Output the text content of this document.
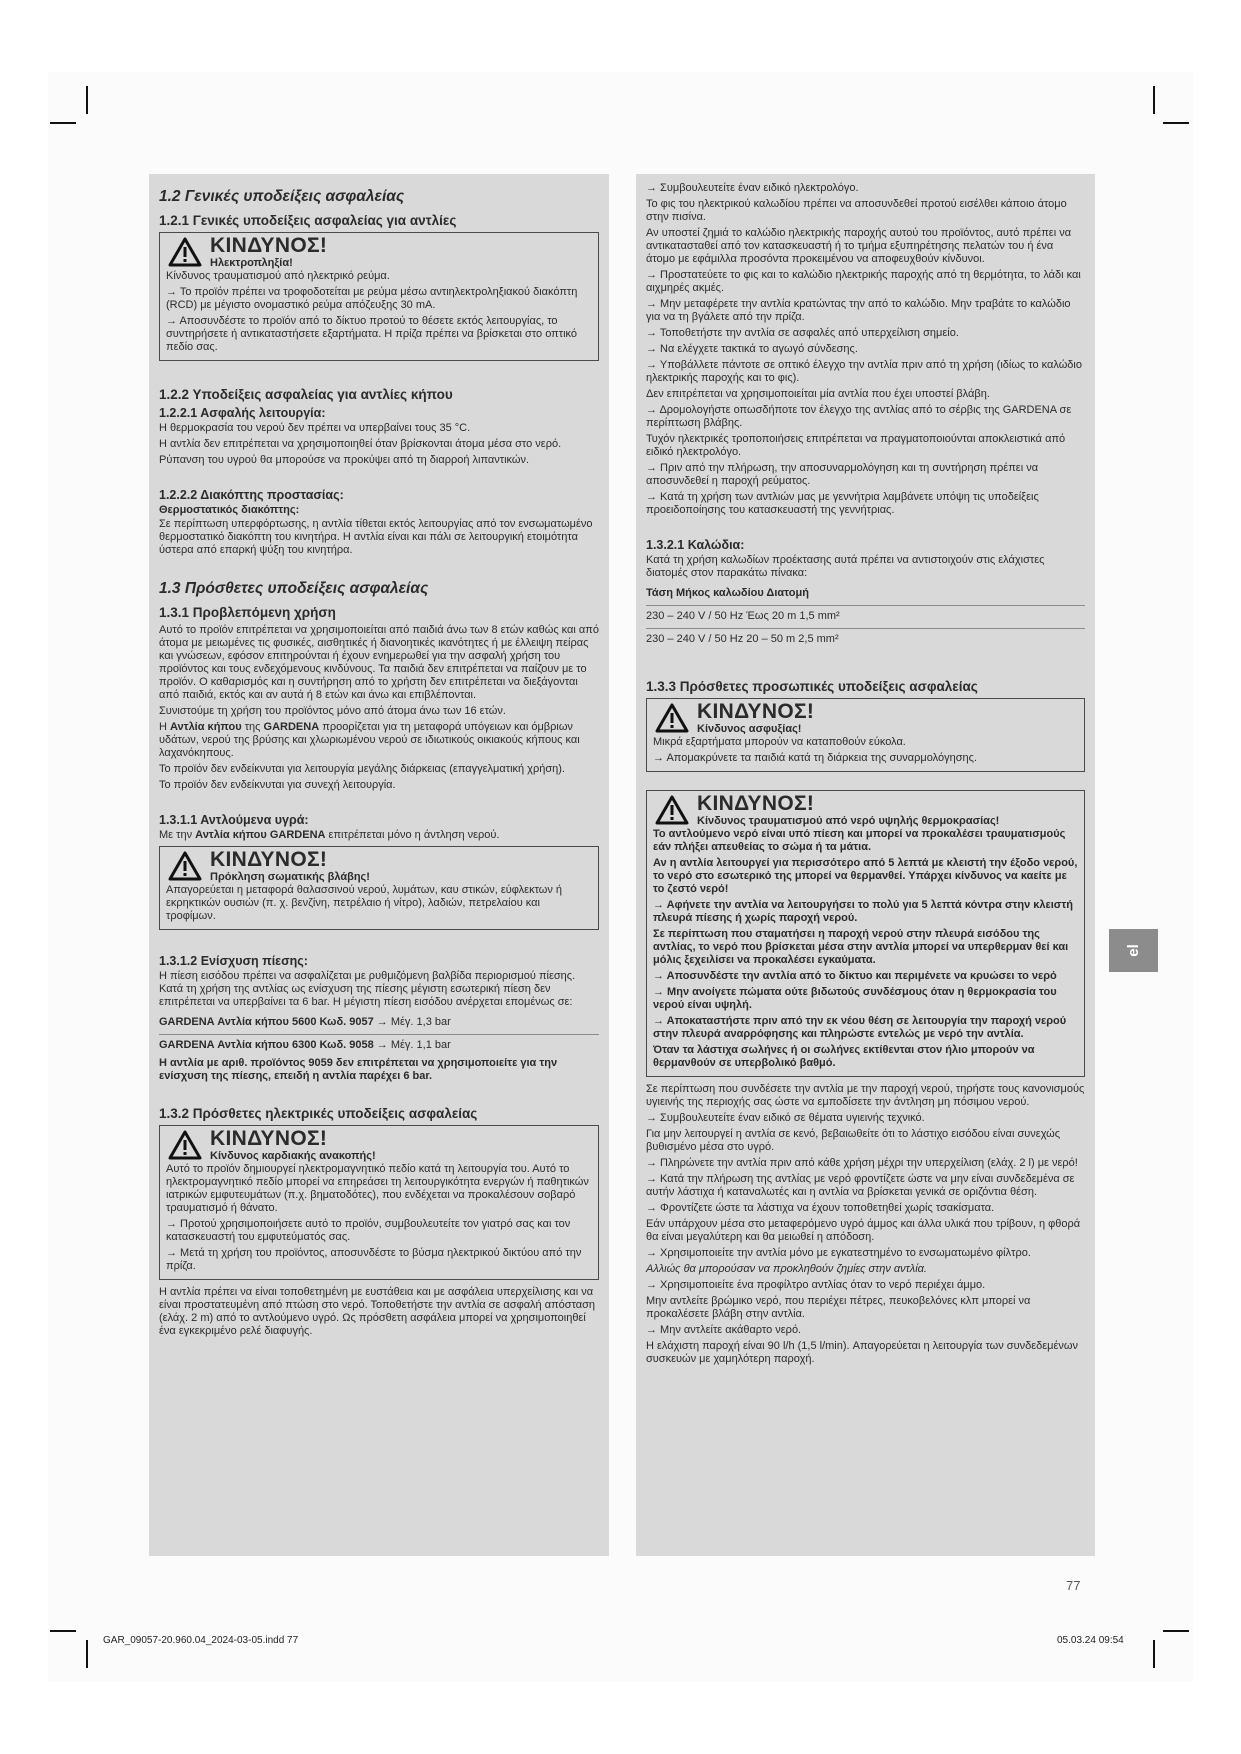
1.2 Γενικές υποδείξεις ασφαλείας
1.2.1 Γενικές υποδείξεις ασφαλείας για αντλίες
ΚΙΝΔΥΝΟΣ!
Ηλεκτροπληξία!

Κίνδυνος τραυματισμού από ηλεκτρικό ρεύμα.

→ Το προϊόν πρέπει να τροφοδοτείται με ρεύμα μέσω αντιηλεκτροληξιακού διακόπτη (RCD) με μέγιστο ονομαστικό ρεύμα απόζευξης 30 mA.

→ Αποσυνδέστε το προϊόν από το δίκτυο προτού το θέσετε εκτός λειτουργίας, το συντηρήσετε ή αντικαταστήσετε εξαρτήματα. Η πρίζα πρέπει να βρίσκεται στο οπτικό πεδίο σας.

1.2.2 Υποδείξεις ασφαλείας για αντλίες κήπου
1.2.2.1 Ασφαλής λειτουργία:

Η θερμοκρασία του νερού δεν πρέπει να υπερβαίνει τους 35 °C.

Η αντλία δεν επιτρέπεται να χρησιμοποιηθεί όταν βρίσκονται άτομα μέσα στο νερό.

Ρύπανση του υγρού θα μπορούσε να προκύψει από τη διαρροή λιπαντικών.

1.2.2.2 Διακόπτης προστασίας:
Θερμοστατικός διακόπτης:

Σε περίπτωση υπερφόρτωσης, η αντλία τίθεται εκτός λειτουργίας από τον ενσωματωμένο θερμοστατικό διακόπτη του κινητήρα. Η αντλία είναι και πάλι σε λειτουργική ετοιμότητα ύστερα από επαρκή ψύξη του κινητήρα.

1.3 Πρόσθετες υποδείξεις ασφαλείας
1.3.1 Προβλεπόμενη χρήση

Αυτό το προϊόν επιτρέπεται να χρησιμοποιείται από παιδιά άνω των 8 ετών καθώς και από άτομα με μειωμένες τις φυσικές, αισθητικές ή διανοητικές ικανότητες ή με έλλειψη πείρας και γνώσεων, εφόσον επιτηρούνται ή έχουν ενημερωθεί για την ασφαλή χρήση του προϊόντος και τους ενδεχόμενους κινδύνους. Τα παιδιά δεν επιτρέπεται να παίζουν με το προϊόν. Ο καθαρισμός και η συντήρηση από το χρήστη δεν επιτρέπεται να διεξάγονται από παιδιά, εκτός και αν αυτά ή 8 ετών και άνω και επιβλέπονται.

Συνιστούμε τη χρήση του προϊόντος μόνο από άτομα άνω των 16 ετών.

Η Αντλία κήπου της GARDENA προορίζεται για τη μεταφορά υπόγειων και όμβριων υδάτων, νερού της βρύσης και χλωριωμένου νερού σε ιδιωτικούς οικιακούς κήπους και λαχανόκηπους.

Το προϊόν δεν ενδείκνυται για λειτουργία μεγάλης διάρκειας (επαγγελματική χρήση).

Το προϊόν δεν ενδείκνυται για συνεχή λειτουργία.

1.3.1.1 Αντλούμενα υγρά:

Με την Αντλία κήπου GARDENA επιτρέπεται μόνο η άντληση νερού.

ΚΙΝΔΥΝΟΣ!
Πρόκληση σωματικής βλάβης!

Απαγορεύεται η μεταφορά θαλασσινού νερού, λυμάτων, καυ στικών, εύφλεκτων ή εκρηκτικών ουσιών (π. χ. βενζίνη, πετρέλαιο ή νίτρο), λαδιών, πετρελαίου και τροφίμων.

1.3.1.2 Ενίσχυση πίεσης:

Η πίεση εισόδου πρέπει να ασφαλίζεται με ρυθμιζόμενη βαλβίδα περιορισμού πίεσης. Κατά τη χρήση της αντλίας ως ενίσχυση της πίεσης μέγιστη εσωτερική πίεση δεν επιτρέπεται να υπερβαίνει τα 6 bar. Η μέγιστη πίεση εισόδου ανέρχεται επομένως σε:

GARDENA Αντλία κήπου 5600 Κωδ. 9057 → Μέγ. 1,3 bar
GARDENA Αντλία κήπου 6300 Κωδ. 9058 → Μέγ. 1,1 bar

Η αντλία με αριθ. προϊόντος 9059 δεν επιτρέπεται να χρησιμοποιείτε για την ενίσχυση της πίεσης, επειδή η αντλία παρέχει 6 bar.

1.3.2 Πρόσθετες ηλεκτρικές υποδείξεις ασφαλείας
ΚΙΝΔΥΝΟΣ!
Κίνδυνος καρδιακής ανακοπής!

Αυτό το προϊόν δημιουργεί ηλεκτρομαγνητικό πεδίο κατά τη λειτουργία του. Αυτό το ηλεκτρομαγνητικό πεδίο μπορεί να επηρεάσει τη λειτουργικότητα ενεργών ή παθητικών ιατρικών εμφυτευμάτων (π.χ. βηματοδότες), που ενδέχεται να προκαλέσουν σοβαρό τραυματισμό ή θάνατο.

→ Προτού χρησιμοποιήσετε αυτό το προϊόν, συμβουλευτείτε τον γιατρό σας και τον κατασκευαστή του εμφυτεύματός σας.

→ Μετά τη χρήση του προϊόντος, αποσυνδέστε το βύσμα ηλεκτρικού δικτύου από την πρίζα.

Η αντλία πρέπει να είναι τοποθετημένη με ευστάθεια και με ασφάλεια υπερχείλισης και να είναι προστατευμένη από πτώση στο νερό. Τοποθετήστε την αντλία σε ασφαλή απόσταση (ελάχ. 2 m) από το αντλούμενο υγρό. Ως πρόσθετη ασφάλεια μπορεί να χρησιμοποιηθεί ένα εγκεκριμένο ρελέ διαφυγής.

→ Συμβουλευτείτε έναν ειδικό ηλεκτρολόγο.

Το φις του ηλεκτρικού καλωδίου πρέπει να αποσυνδεθεί προτού εισέλθει κάποιο άτομο στην πισίνα.

Αν υποστεί ζημιά το καλώδιο ηλεκτρικής παροχής αυτού του προϊόντος, αυτό πρέπει να αντικατασταθεί από τον κατασκευαστή ή το τμήμα εξυπηρέτησης πελατών του ή ένα άτομο με εφάμιλλα προσόντα προκειμένου να αποφευχθούν κίνδυνοι.

→ Προστατεύετε το φις και το καλώδιο ηλεκτρικής παροχής από τη θερμότητα, το λάδι και αιχμηρές ακμές.

→ Μην μεταφέρετε την αντλία κρατώντας την από το καλώδιο. Μην τραβάτε το καλώδιο για να τη βγάλετε από την πρίζα.

→ Τοποθετήστε την αντλία σε ασφαλές από υπερχείλιση σημείο.

→ Να ελέγχετε τακτικά το αγωγό σύνδεσης.

→ Υποβάλλετε πάντοτε σε οπτικό έλεγχο την αντλία πριν από τη χρήση (ιδίως το καλώδιο ηλεκτρικής παροχής και το φις).

Δεν επιτρέπεται να χρησιμοποιείται μία αντλία που έχει υποστεί βλάβη.

→ Δρομολογήστε οπωσδήποτε τον έλεγχο της αντλίας από το σέρβις της GARDENA σε περίπτωση βλάβης.

Τυχόν ηλεκτρικές τροποποιήσεις επιτρέπεται να πραγματοποιούνται αποκλειστικά από ειδικό ηλεκτρολόγο.

→ Πριν από την πλήρωση, την αποσυναρμολόγηση και τη συντήρηση πρέπει να αποσυνδεθεί η παροχή ρεύματος.

→ Κατά τη χρήση των αντλιών μας με γεννήτρια λαμβάνετε υπόψη τις υποδείξεις προειδοποίησης του κατασκευαστή της γεννήτριας.

1.3.2.1 Καλώδια:

Κατά τη χρήση καλωδίων προέκτασης αυτά πρέπει να αντιστοιχούν στις ελάχιστες διατομές στον παρακάτω πίνακα:

Τάση Μήκος καλωδίου Διατομή
230 – 240 V / 50 Hz Έως 20 m 1,5 mm²
230 – 240 V / 50 Hz 20 – 50 m 2,5 mm²
1.3.3 Πρόσθετες προσωπικές υποδείξεις ασφαλείας
ΚΙΝΔΥΝΟΣ!
Κίνδυνος ασφυξίας!

Μικρά εξαρτήματα μπορούν να καταποθούν εύκολα.

→ Απομακρύνετε τα παιδιά κατά τη διάρκεια της συναρμολόγησης.

ΚΙΝΔΥΝΟΣ!
Κίνδυνος τραυματισμού από νερό υψηλής θερμοκρασίας!

Το αντλούμενο νερό είναι υπό πίεση και μπορεί να προκαλέσει τραυματισμούς εάν πλήξει απευθείας το σώμα ή τα μάτια.

Αν η αντλία λειτουργεί για περισσότερο από 5 λεπτά με κλειστή την έξοδο νερού, το νερό στο εσωτερικό της μπορεί να θερμανθεί. Υπάρχει κίνδυνος να καείτε με το ζεστό νερό!

→ Αφήνετε την αντλία να λειτουργήσει το πολύ για 5 λεπτά κόντρα στην κλειστή πλευρά πίεσης ή χωρίς παροχή νερού.

Σε περίπτωση που σταματήσει η παροχή νερού στην πλευρά εισόδου της αντλίας, το νερό που βρίσκεται μέσα στην αντλία μπορεί να υπερθερμαν θεί και μόλις ξεχειλίσει να προκαλέσει εγκαύματα.

→ Αποσυνδέστε την αντλία από το δίκτυο και περιμένετε να κρυώσει το νερό

→ Μην ανοίγετε πώματα ούτε βιδωτούς συνδέσμους όταν η θερμοκρασία του νερού είναι υψηλή.

→ Αποκαταστήστε πριν από την εκ νέου θέση σε λειτουργία την παροχή νερού στην πλευρά αναρρόφησης και πληρώστε εντελώς με νερό την αντλία.

Όταν τα λάστιχα σωλήνες ή οι σωλήνες εκτίθενται στον ήλιο μπορούν να θερμανθούν σε υπερβολικό βαθμό.

Σε περίπτωση που συνδέσετε την αντλία με την παροχή νερού, τηρήστε τους κανονισμούς υγιεινής της περιοχής σας ώστε να εμποδίσετε την άντληση μη πόσιμου νερού.

→ Συμβουλευτείτε έναν ειδικό σε θέματα υγιεινής τεχνικό.

Για μην λειτουργεί η αντλία σε κενό, βεβαιωθείτε ότι το λάστιχο εισόδου είναι συνεχώς βυθισμένο μέσα στο υγρό.

→ Πληρώνετε την αντλία πριν από κάθε χρήση μέχρι την υπερχείλιση (ελάχ. 2 l) με νερό!

→ Κατά την πλήρωση της αντλίας με νερό φροντίζετε ώστε να μην είναι συνδεδεμένα σε αυτήν λάστιχα ή καταναλωτές και η αντλία να βρίσκεται γενικά σε οριζόντια θέση.

→ Φροντίζετε ώστε τα λάστιχα να έχουν τοποθετηθεί χωρίς τσακίσματα.

Εάν υπάρχουν μέσα στο μεταφερόμενο υγρό άμμος και άλλα υλικά που τρίβουν, η φθορά θα είναι μεγαλύτερη και θα μειωθεί η απόδοση.

→ Χρησιμοποιείτε την αντλία μόνο με εγκατεστημένο το ενσωματωμένο φίλτρο.

Αλλιώς θα μπορούσαν να προκληθούν ζημίες στην αντλία.

→ Χρησιμοποιείτε ένα προφίλτρο αντλίας όταν το νερό περιέχει άμμο.

Μην αντλείτε βρώμικο νερό, που περιέχει πέτρες, πευκοβελόνες κλπ μπορεί να προκαλέσετε βλάβη στην αντλία.

→ Μην αντλείτε ακάθαρτο νερό.

Η ελάχιστη παροχή είναι 90 l/h (1,5 l/min). Απαγορεύεται η λειτουργία των συνδεδεμένων συσκευών με χαμηλότερη παροχή.

el
77
GAR_09057-20.960.04_2024-03-05.indd 77	05.03.24 09:54
